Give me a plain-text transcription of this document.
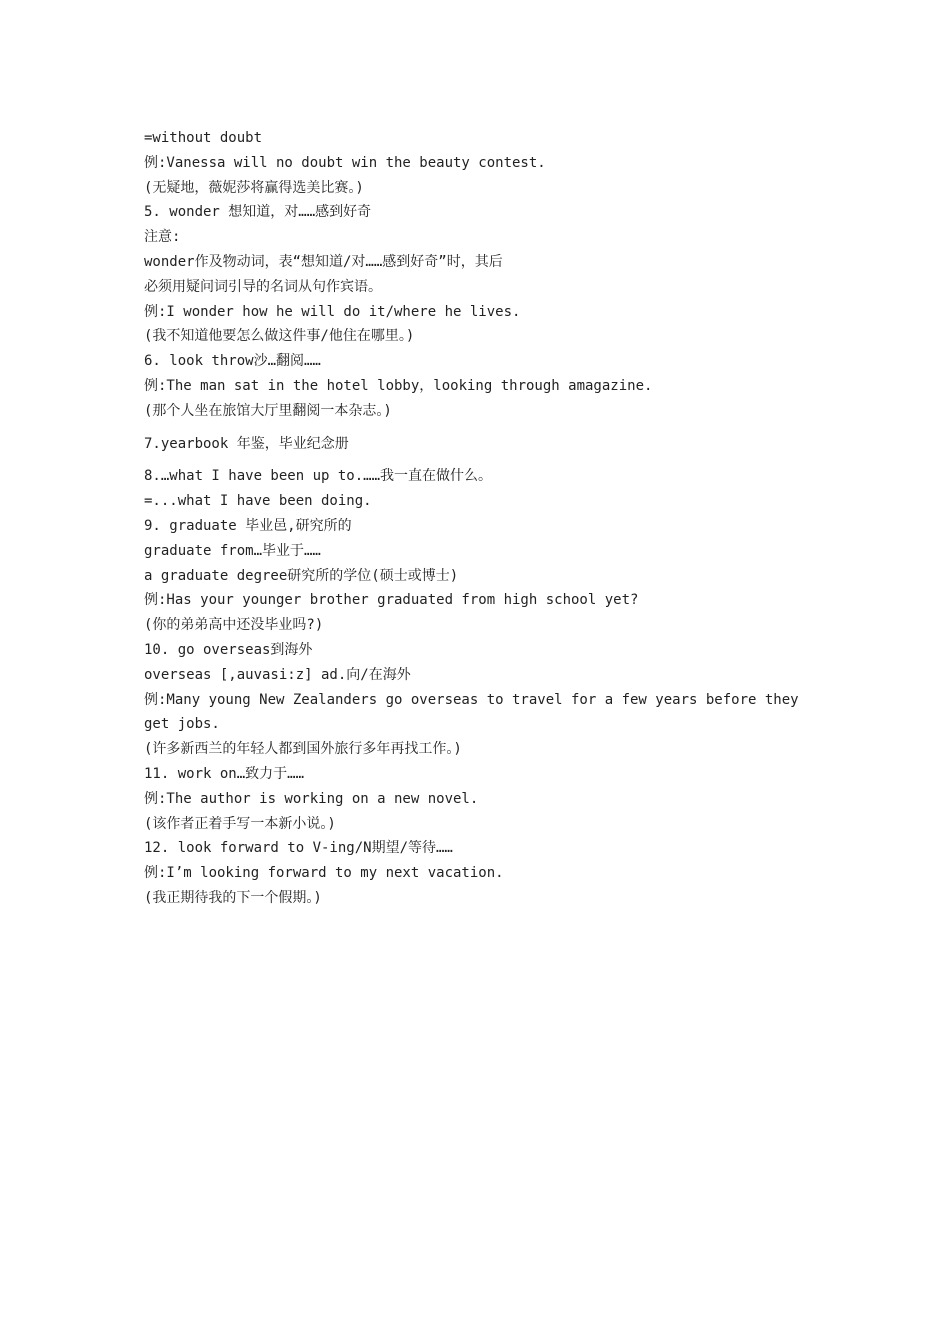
=without doubt
例:Vanessa will no doubt win the beauty contest.
(无疑地，薇妮莎将赢得选美比赛。)
5. wonder 想知道，对……感到好奇
注意:
wonder作及物动词，表“想知道/对……感到好奇”时，其后
必须用疑问词引导的名词从句作宾语。
例:I wonder how he will do it/where he lives.
(我不知道他要怎么做这件事/他住在哪里。)
6. look throw沙…翻阅……
例:The man sat in the hotel lobby，looking through amagazine.
(那个人坐在旅馆大厅里翻阅一本杂志。)
7.yearbook 年鉴，毕业纪念册
8.…what I have been up to.……我一直在做什么。
=...what I have been doing.
9. graduate 毕业邑,研究所的
graduate from…毕业于……
a graduate degree研究所的学位(硕士或博士)
例:Has your younger brother graduated from high school yet?
(你的弟弟高中还没毕业吗?)
10. go overseas到海外
overseas [,auvasi:z] ad.向/在海外
例:Many young New Zealanders go overseas to travel for a few years before they
get jobs.
(许多新西兰的年轻人都到国外旅行多年再找工作。)
11. work on…致力于……
例:The author is working on a new novel.
(该作者正着手写一本新小说。)
12. look forward to V-ing/N期望/等待……
例:I’m looking forward to my next vacation.
(我正期待我的下一个假期。)
